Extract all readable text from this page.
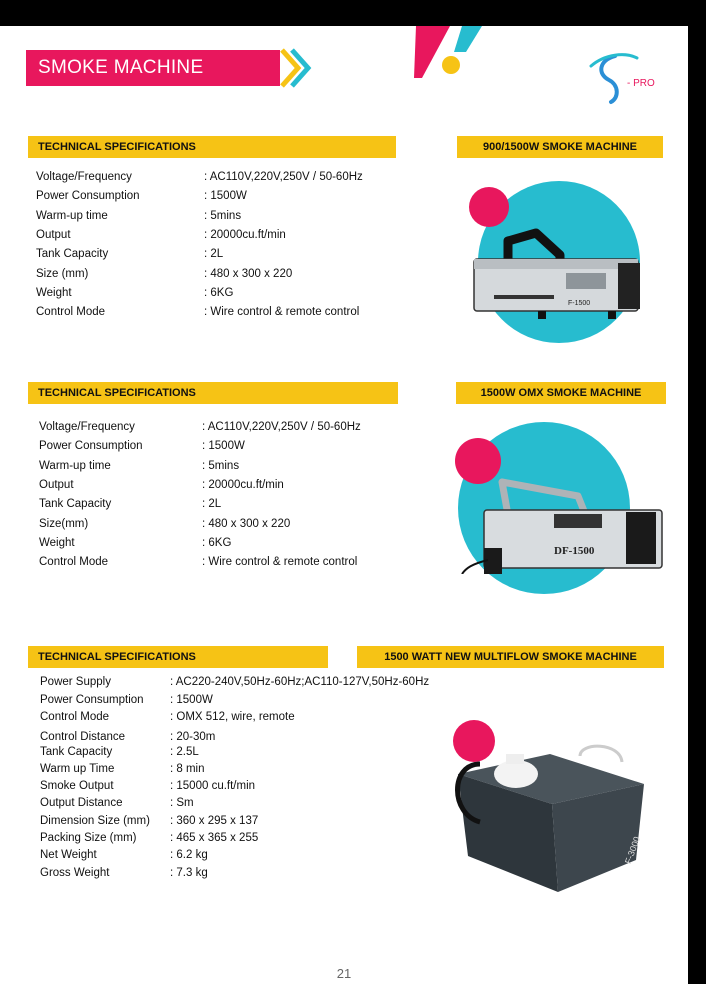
SMOKE MACHINE
- PRO
TECHNICAL SPECIFICATIONS	900/1500W SMOKE MACHINE
Voltage/Frequency	: AC110V,220V,250V / 50-60Hz
Power Consumption	: 1500W
Warm-up time	: 5mins
Output	: 20000cu.ft/min
Tank Capacity	: 2L
Size (mm)	: 480 x 300 x 220
Weight	: 6KG
Control Mode	: Wire control & remote control
F-1500
TECHNICAL SPECIFICATIONS	1500W OMX SMOKE MACHINE
Voltage/Frequency	: AC110V,220V,250V / 50-60Hz
Power Consumption	: 1500W
Warm-up time	: 5mins
Output	: 20000cu.ft/min
Tank Capacity	: 2L
Size(mm)	: 480 x 300 x 220
Weight	: 6KG
Control Mode	: Wire control & remote control
DF-1500
TECHNICAL SPECIFICATIONS	1500 WATT NEW MULTIFLOW SMOKE MACHINE
Power Supply	: AC220-240V,50Hz-60Hz;AC110-127V,50Hz-60Hz
Power Consumption : 1500W
Control Mode	: OMX 512, wire, remote
Control Distance	: 20-30m
Tank Capacity	: 2.5L
Warm up Time	: 8 min
Smoke Output	: 15000 cu.ft/min
Output Distance	: Sm
Dimension Size (mm) : 360 x 295 x 137
Packing Size (mm)	: 465 x 365 x 255
Net Weight	: 6.2 kg
Gross Weight	: 7.3 kg
F-3000
21
